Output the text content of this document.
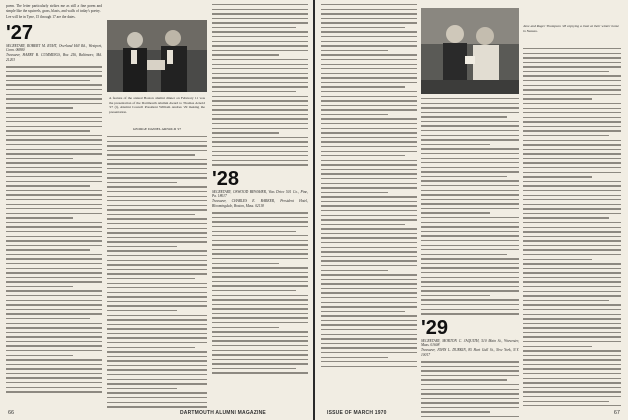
poem. The letter particularly strikes me as still a fine poem and simple like the squirrels, grass, blasts, and walls of today's poetry.

Lee will be in Tyne, 15 through 17 are the dates.

'27
SECRETARY, ROBERT M. RUHT, Overland Hill Rd., Westport, Conn. 06880
Treasurer, HARRY B. CUMMINGS, Box 256, Baltimore, Md. 21203
A feature of the annual Boston alumni dinner on February 11 was the presentation of the Dartmouth Alumni Award to Thomas Arnold '27 (l), Alumni Council President William Andres '29 making the presentation.
GEORGE DANIEL ARNOLD '27
'28
SECRETARY, OSWOOD BEWSHER, Vias Drive 501 Co., Pine, Pa. 18017
Treasurer, CHARLES E. BARKER, President Hotel, Bloomingdale, Boston, Mass. 02118
66	DARTMOUTH ALUMNI MAGAZINE
Jane and Roger Thompson '28 enjoying a treat at their winter home in Nassau.
'29
SECRETARY, MORTON C. JAQUITH, 510 Main St., Worcester, Mass. 01608
Treasurer, JOHN L. DURKIN, 85 Hart Gull St., New York, N.Y. 10017
ISSUE OF MARCH 1970	67
